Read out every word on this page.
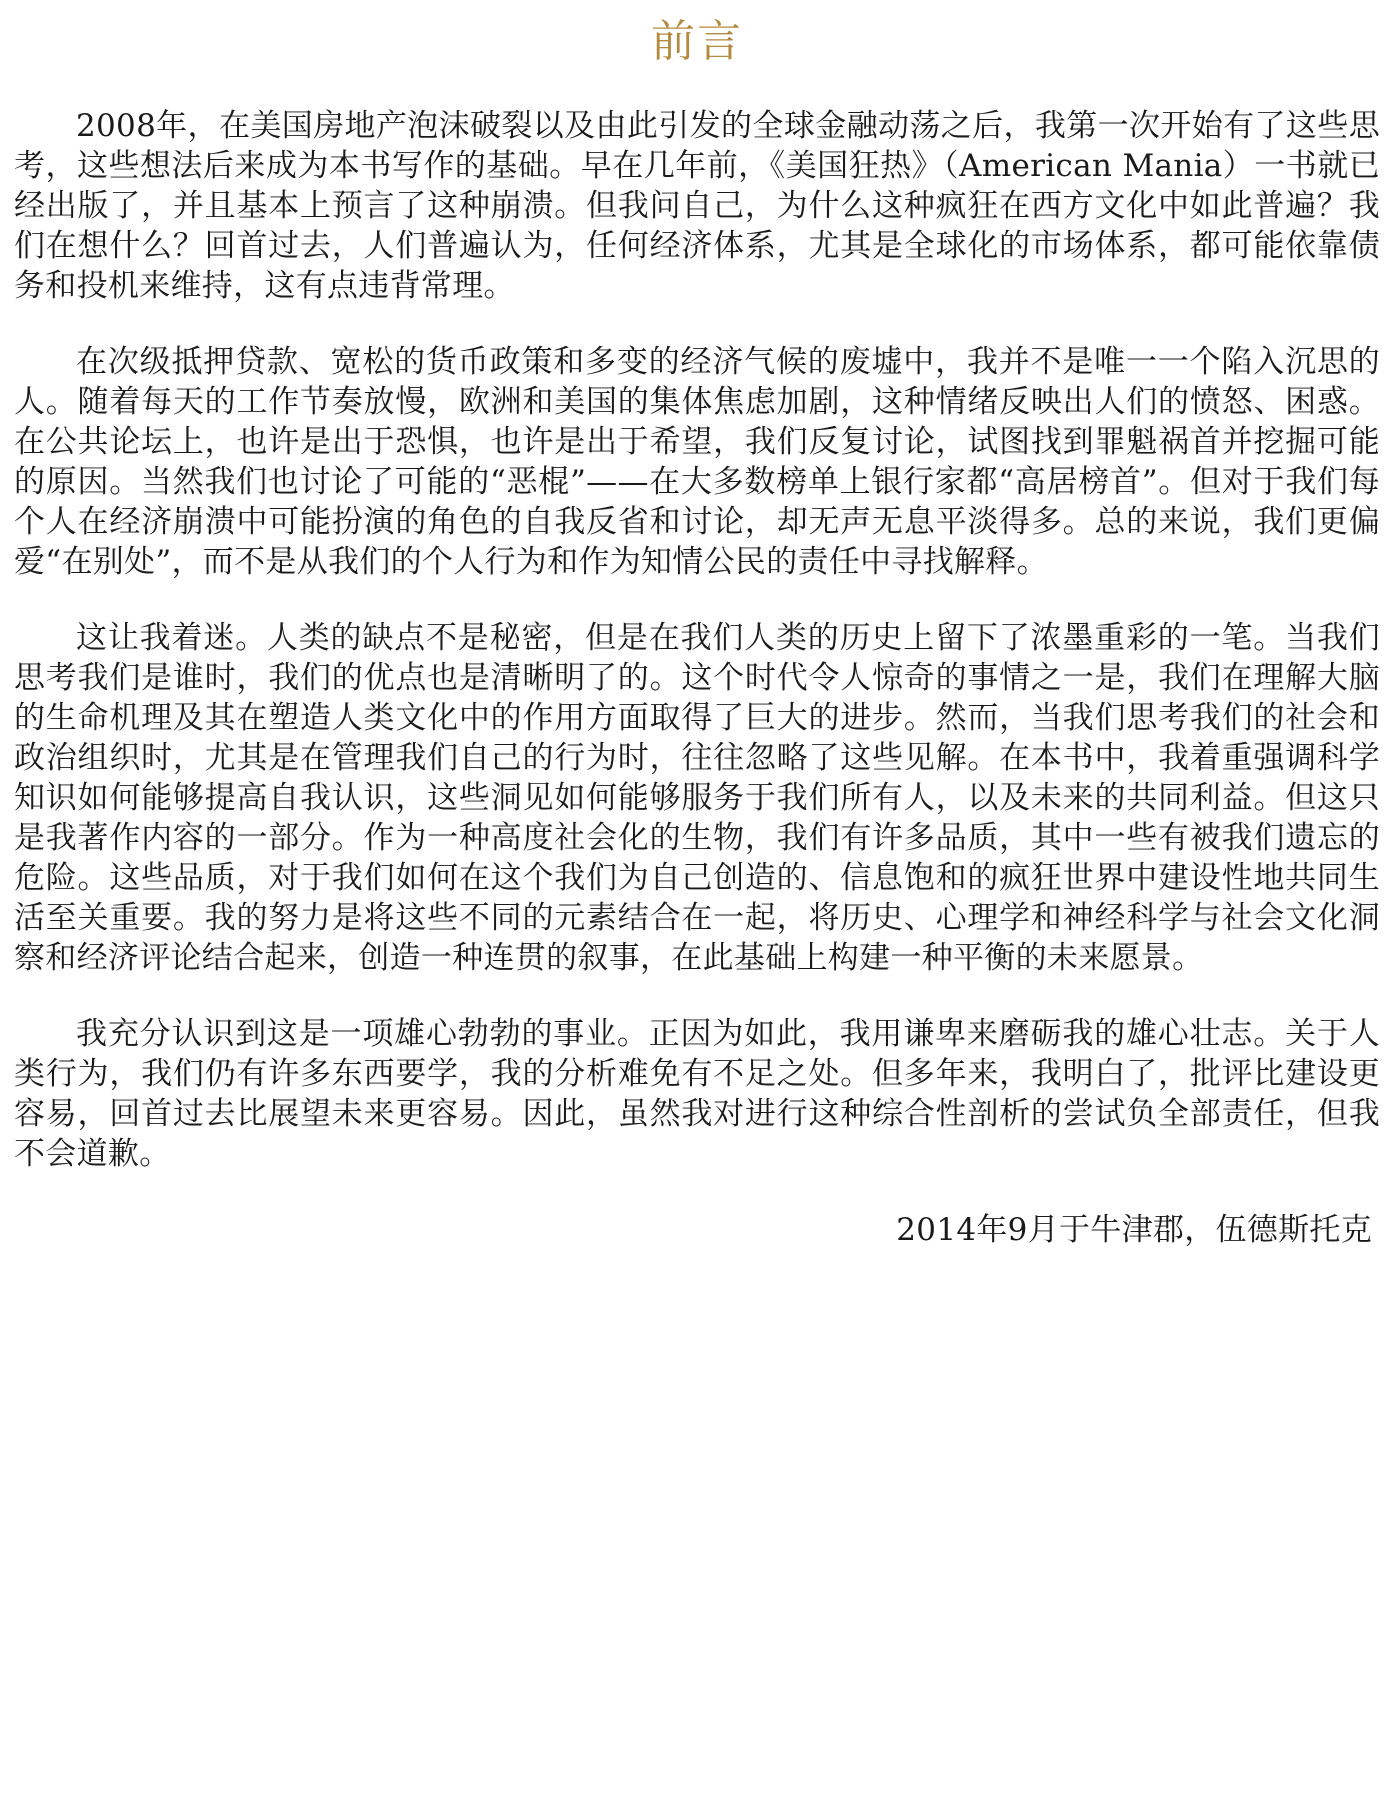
前言

2008年，在美国房地产泡沫破裂以及由此引发的全球金融动荡之后，我第一次开始有了这些思考，这些想法后来成为本书写作的基础。早在几年前，《美国狂热》（American Mania）一书就已经出版了，并且基本上预言了这种崩溃。但我问自己，为什么这种疯狂在西方文化中如此普遍？我们在想什么？回首过去，人们普遍认为，任何经济体系，尤其是全球化的市场体系，都可能依靠债务和投机来维持，这有点违背常理。

在次级抵押贷款、宽松的货币政策和多变的经济气候的废墟中，我并不是唯一一个陷入沉思的人。随着每天的工作节奏放慢，欧洲和美国的集体焦虑加剧，这种情绪反映出人们的愤怒、困惑。在公共论坛上，也许是出于恐惧，也许是出于希望，我们反复讨论，试图找到罪魁祸首并挖掘可能的原因。当然我们也讨论了可能的“恶棍”——在大多数榜单上银行家都“高居榜首”。但对于我们每个人在经济崩溃中可能扮演的角色的自我反省和讨论，却无声无息平淡得多。总的来说，我们更偏爱“在别处”，而不是从我们的个人行为和作为知情公民的责任中寻找解释。

这让我着迷。人类的缺点不是秘密，但是在我们人类的历史上留下了浓墨重彩的一笔。当我们思考我们是谁时，我们的优点也是清晰明了的。这个时代令人惊奇的事情之一是，我们在理解大脑的生命机理及其在塑造人类文化中的作用方面取得了巨大的进步。然而，当我们思考我们的社会和政治组织时，尤其是在管理我们自己的行为时，往往忽略了这些见解。在本书中，我着重强调科学知识如何能够提高自我认识，这些洞见如何能够服务于我们所有人，以及未来的共同利益。但这只是我著作内容的一部分。作为一种高度社会化的生物，我们有许多品质，其中一些有被我们遗忘的危险。这些品质，对于我们如何在这个我们为自己创造的、信息饱和的疯狂世界中建设性地共同生活至关重要。我的努力是将这些不同的元素结合在一起，将历史、心理学和神经科学与社会文化洞察和经济评论结合起来，创造一种连贯的叙事，在此基础上构建一种平衡的未来愿景。

我充分认识到这是一项雄心勃勃的事业。正因为如此，我用谦卑来磨砺我的雄心壮志。关于人类行为，我们仍有许多东西要学，我的分析难免有不足之处。但多年来，我明白了，批评比建设更容易，回首过去比展望未来更容易。因此，虽然我对进行这种综合性剖析的尝试负全部责任，但我不会道歉。

2014年9月于牛津郡，伍德斯托克
